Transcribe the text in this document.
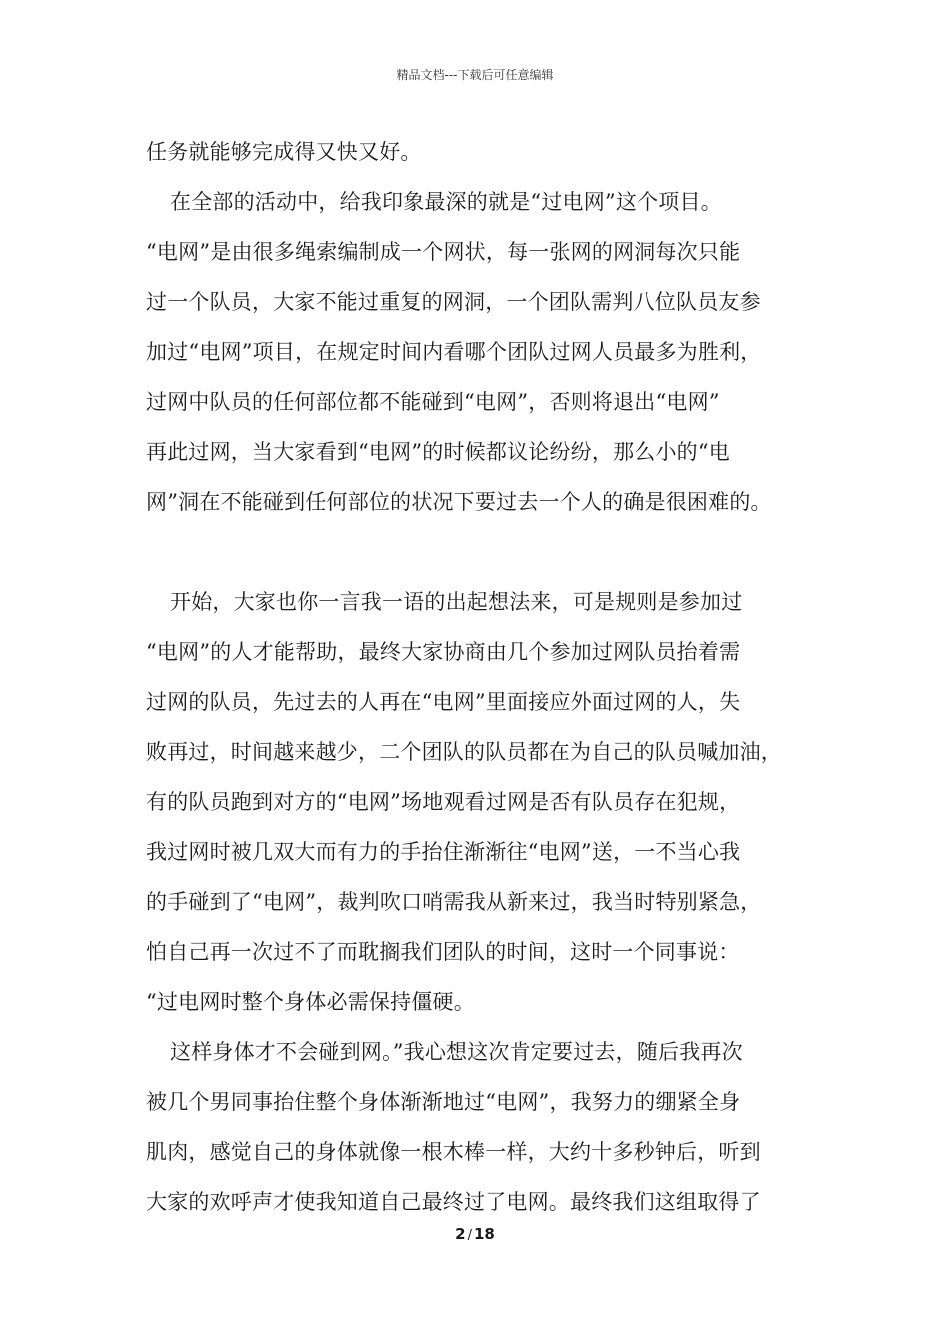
精品文档---下载后可任意编辑
任务就能够完成得又快又好。
在全部的活动中，给我印象最深的就是“过电网”这个项目。
“电网”是由很多绳索编制成一个网状，每一张网的网洞每次只能
过一个队员，大家不能过重复的网洞，一个团队需判八位队员友参
加过“电网”项目，在规定时间内看哪个团队过网人员最多为胜利，
过网中队员的任何部位都不能碰到“电网”，否则将退出“电网”
再此过网，当大家看到“电网”的时候都议论纷纷，那么小的“电
网”洞在不能碰到任何部位的状况下要过去一个人的确是很困难的。
开始，大家也你一言我一语的出起想法来，可是规则是参加过
“电网”的人才能帮助，最终大家协商由几个参加过网队员抬着需
过网的队员，先过去的人再在“电网”里面接应外面过网的人，失
败再过，时间越来越少，二个团队的队员都在为自己的队员喊加油，
有的队员跑到对方的“电网”场地观看过网是否有队员存在犯规，
我过网时被几双大而有力的手抬住渐渐往“电网”送，一不当心我
的手碰到了“电网”，裁判吹口哨需我从新来过，我当时特别紧急，
怕自己再一次过不了而耽搁我们团队的时间，这时一个同事说：
“过电网时整个身体必需保持僵硬。
这样身体才不会碰到网。”我心想这次肯定要过去，随后我再次
被几个男同事抬住整个身体渐渐地过“电网”，我努力的绷紧全身
肌肉，感觉自己的身体就像一根木棒一样，大约十多秒钟后，听到
大家的欢呼声才使我知道自己最终过了电网。最终我们这组取得了
2 / 18
